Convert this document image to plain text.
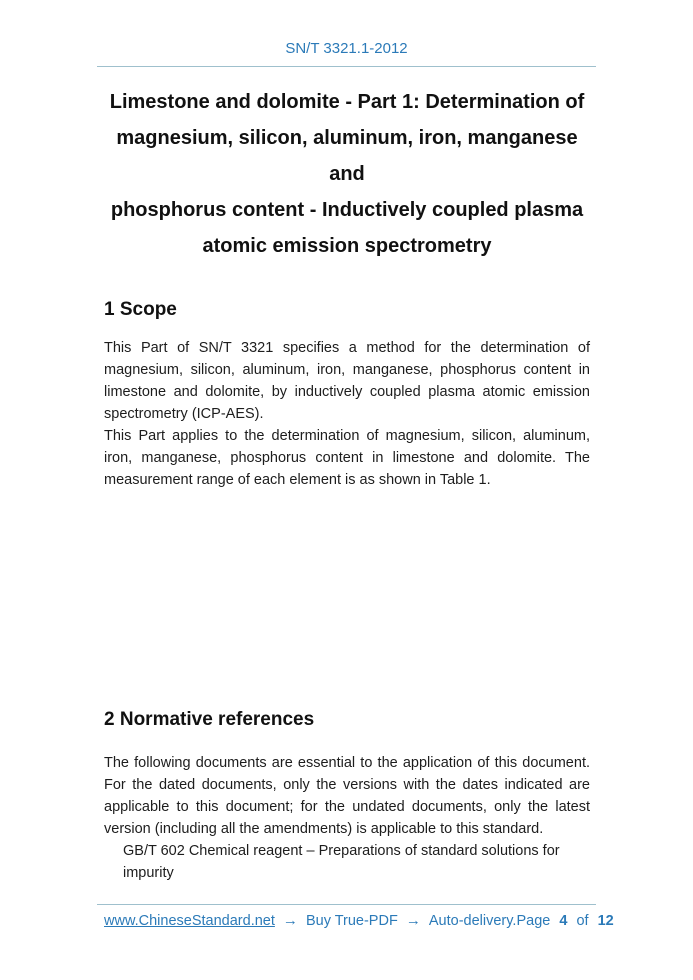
SN/T 3321.1-2012
Limestone and dolomite - Part 1: Determination of
magnesium, silicon, aluminum, iron, manganese and
phosphorus content - Inductively coupled plasma
atomic emission spectrometry
1 Scope

This Part of SN/T 3321 specifies a method for the determination of magnesium, silicon, aluminum, iron, manganese, phosphorus content in limestone and dolomite, by inductively coupled plasma atomic emission spectrometry (ICP-AES).

This Part applies to the determination of magnesium, silicon, aluminum, iron, manganese, phosphorus content in limestone and dolomite. The measurement range of each element is as shown in Table 1.

2 Normative references

The following documents are essential to the application of this document. For the dated documents, only the versions with the dates indicated are applicable to this document; for the undated documents, only the latest version (including all the amendments) is applicable to this standard.

GB/T 602 Chemical reagent – Preparations of standard solutions for impurity
www.ChineseStandard.net → Buy True-PDF → Auto-delivery. Page 4 of 12
